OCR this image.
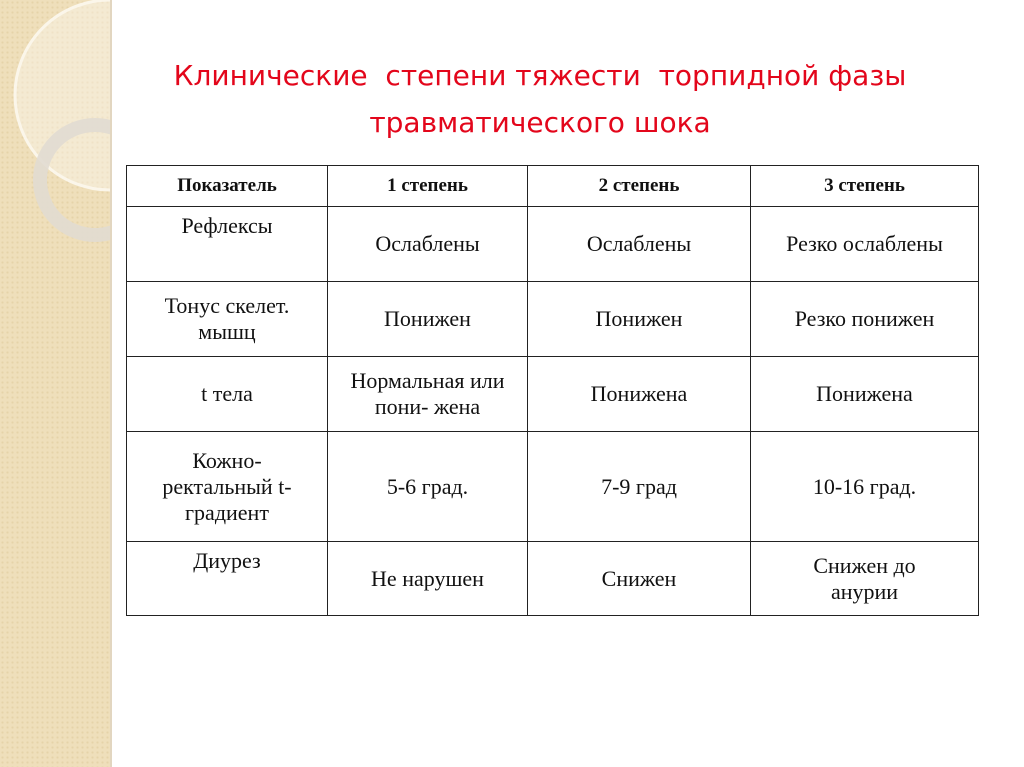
Клинические  степени тяжести  торпидной фазы
травматического шока
Показатель	1 степень	2 степень	3 степень
Рефлексы	Ослаблены	Ослаблены	Резко ослаблены
Тонус скелет. мышц	Понижен	Понижен	Резко понижен
t тела	Нормальная или пони- жена	Понижена	Понижена
Кожно-ректальный t-градиент	5-6 град.	7-9 град	10-16 град.
Диурез	Не нарушен	Снижен	Снижен до анурии
